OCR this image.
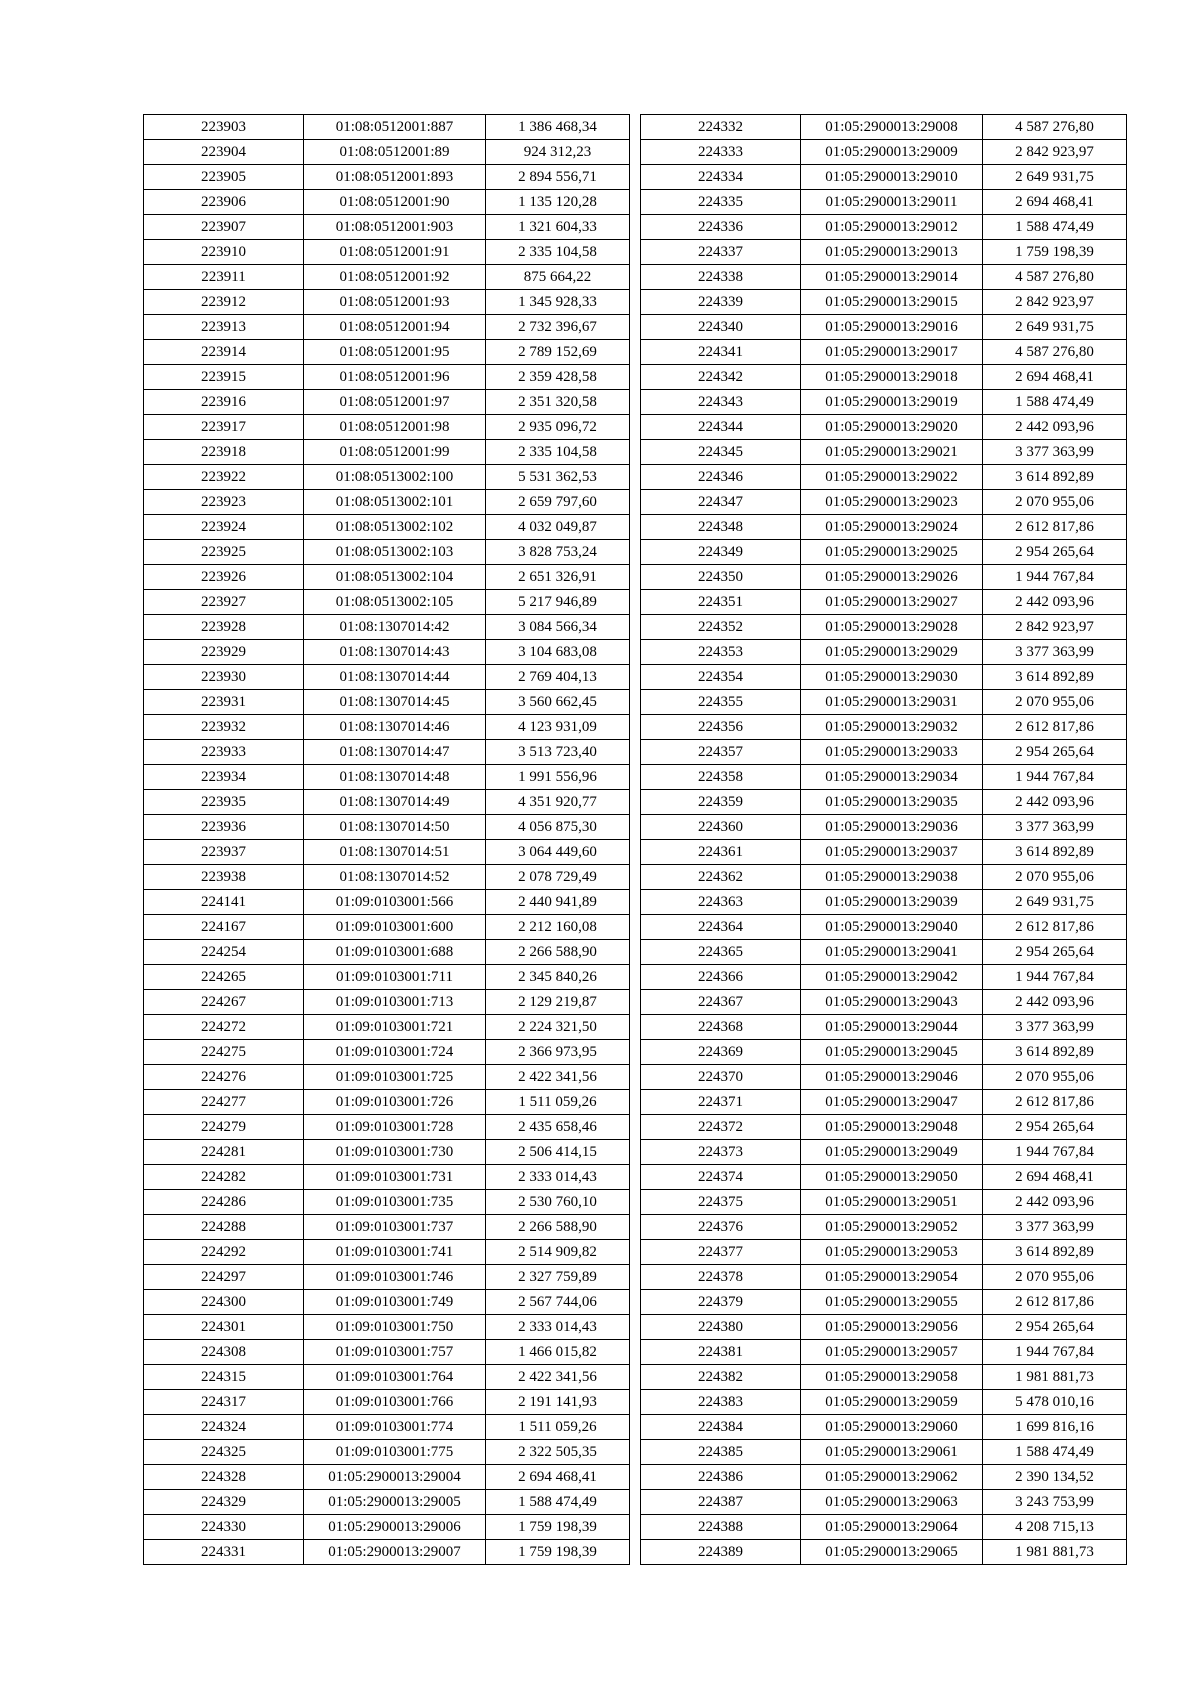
223903	01:08:0512001:887	1 386 468,34
223904	01:08:0512001:89	924 312,23
223905	01:08:0512001:893	2 894 556,71
223906	01:08:0512001:90	1 135 120,28
223907	01:08:0512001:903	1 321 604,33
223910	01:08:0512001:91	2 335 104,58
223911	01:08:0512001:92	875 664,22
223912	01:08:0512001:93	1 345 928,33
223913	01:08:0512001:94	2 732 396,67
223914	01:08:0512001:95	2 789 152,69
223915	01:08:0512001:96	2 359 428,58
223916	01:08:0512001:97	2 351 320,58
223917	01:08:0512001:98	2 935 096,72
223918	01:08:0512001:99	2 335 104,58
223922	01:08:0513002:100	5 531 362,53
223923	01:08:0513002:101	2 659 797,60
223924	01:08:0513002:102	4 032 049,87
223925	01:08:0513002:103	3 828 753,24
223926	01:08:0513002:104	2 651 326,91
223927	01:08:0513002:105	5 217 946,89
223928	01:08:1307014:42	3 084 566,34
223929	01:08:1307014:43	3 104 683,08
223930	01:08:1307014:44	2 769 404,13
223931	01:08:1307014:45	3 560 662,45
223932	01:08:1307014:46	4 123 931,09
223933	01:08:1307014:47	3 513 723,40
223934	01:08:1307014:48	1 991 556,96
223935	01:08:1307014:49	4 351 920,77
223936	01:08:1307014:50	4 056 875,30
223937	01:08:1307014:51	3 064 449,60
223938	01:08:1307014:52	2 078 729,49
224141	01:09:0103001:566	2 440 941,89
224167	01:09:0103001:600	2 212 160,08
224254	01:09:0103001:688	2 266 588,90
224265	01:09:0103001:711	2 345 840,26
224267	01:09:0103001:713	2 129 219,87
224272	01:09:0103001:721	2 224 321,50
224275	01:09:0103001:724	2 366 973,95
224276	01:09:0103001:725	2 422 341,56
224277	01:09:0103001:726	1 511 059,26
224279	01:09:0103001:728	2 435 658,46
224281	01:09:0103001:730	2 506 414,15
224282	01:09:0103001:731	2 333 014,43
224286	01:09:0103001:735	2 530 760,10
224288	01:09:0103001:737	2 266 588,90
224292	01:09:0103001:741	2 514 909,82
224297	01:09:0103001:746	2 327 759,89
224300	01:09:0103001:749	2 567 744,06
224301	01:09:0103001:750	2 333 014,43
224308	01:09:0103001:757	1 466 015,82
224315	01:09:0103001:764	2 422 341,56
224317	01:09:0103001:766	2 191 141,93
224324	01:09:0103001:774	1 511 059,26
224325	01:09:0103001:775	2 322 505,35
224328	01:05:2900013:29004	2 694 468,41
224329	01:05:2900013:29005	1 588 474,49
224330	01:05:2900013:29006	1 759 198,39
224331	01:05:2900013:29007	1 759 198,39
224332	01:05:2900013:29008	4 587 276,80
224333	01:05:2900013:29009	2 842 923,97
224334	01:05:2900013:29010	2 649 931,75
224335	01:05:2900013:29011	2 694 468,41
224336	01:05:2900013:29012	1 588 474,49
224337	01:05:2900013:29013	1 759 198,39
224338	01:05:2900013:29014	4 587 276,80
224339	01:05:2900013:29015	2 842 923,97
224340	01:05:2900013:29016	2 649 931,75
224341	01:05:2900013:29017	4 587 276,80
224342	01:05:2900013:29018	2 694 468,41
224343	01:05:2900013:29019	1 588 474,49
224344	01:05:2900013:29020	2 442 093,96
224345	01:05:2900013:29021	3 377 363,99
224346	01:05:2900013:29022	3 614 892,89
224347	01:05:2900013:29023	2 070 955,06
224348	01:05:2900013:29024	2 612 817,86
224349	01:05:2900013:29025	2 954 265,64
224350	01:05:2900013:29026	1 944 767,84
224351	01:05:2900013:29027	2 442 093,96
224352	01:05:2900013:29028	2 842 923,97
224353	01:05:2900013:29029	3 377 363,99
224354	01:05:2900013:29030	3 614 892,89
224355	01:05:2900013:29031	2 070 955,06
224356	01:05:2900013:29032	2 612 817,86
224357	01:05:2900013:29033	2 954 265,64
224358	01:05:2900013:29034	1 944 767,84
224359	01:05:2900013:29035	2 442 093,96
224360	01:05:2900013:29036	3 377 363,99
224361	01:05:2900013:29037	3 614 892,89
224362	01:05:2900013:29038	2 070 955,06
224363	01:05:2900013:29039	2 649 931,75
224364	01:05:2900013:29040	2 612 817,86
224365	01:05:2900013:29041	2 954 265,64
224366	01:05:2900013:29042	1 944 767,84
224367	01:05:2900013:29043	2 442 093,96
224368	01:05:2900013:29044	3 377 363,99
224369	01:05:2900013:29045	3 614 892,89
224370	01:05:2900013:29046	2 070 955,06
224371	01:05:2900013:29047	2 612 817,86
224372	01:05:2900013:29048	2 954 265,64
224373	01:05:2900013:29049	1 944 767,84
224374	01:05:2900013:29050	2 694 468,41
224375	01:05:2900013:29051	2 442 093,96
224376	01:05:2900013:29052	3 377 363,99
224377	01:05:2900013:29053	3 614 892,89
224378	01:05:2900013:29054	2 070 955,06
224379	01:05:2900013:29055	2 612 817,86
224380	01:05:2900013:29056	2 954 265,64
224381	01:05:2900013:29057	1 944 767,84
224382	01:05:2900013:29058	1 981 881,73
224383	01:05:2900013:29059	5 478 010,16
224384	01:05:2900013:29060	1 699 816,16
224385	01:05:2900013:29061	1 588 474,49
224386	01:05:2900013:29062	2 390 134,52
224387	01:05:2900013:29063	3 243 753,99
224388	01:05:2900013:29064	4 208 715,13
224389	01:05:2900013:29065	1 981 881,73
